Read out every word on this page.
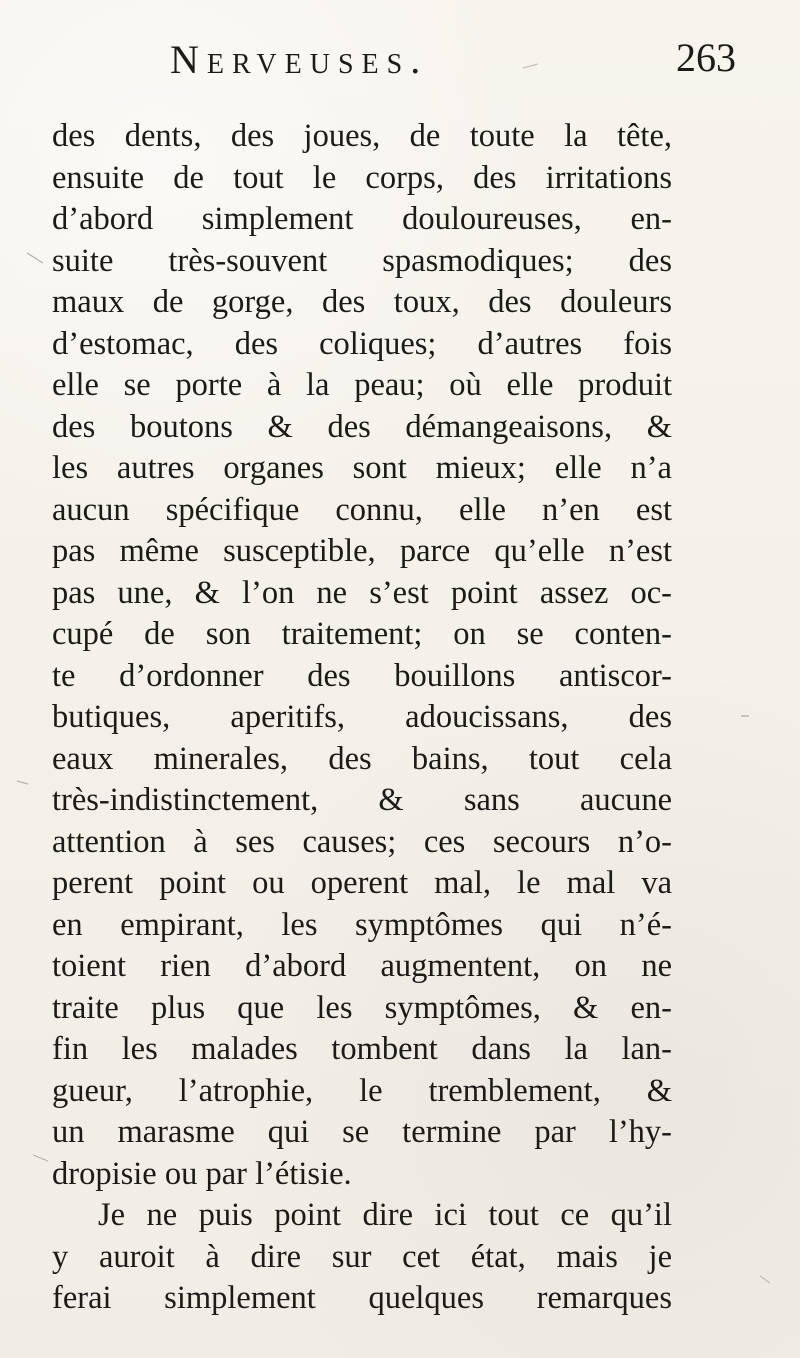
Nerveuses.	263
des dents, des joues, de toute la tête,
ensuite de tout le corps, des irritations
d’abord simplement douloureuses, en-
suite très-souvent spasmodiques; des
maux de gorge, des toux, des douleurs
d’estomac, des coliques; d’autres fois
elle se porte à la peau; où elle produit
des boutons & des démangeaisons, &
les autres organes sont mieux; elle n’a
aucun spécifique connu, elle n’en est
pas même susceptible, parce qu’elle n’est
pas une, & l’on ne s’est point assez oc-
cupé de son traitement; on se conten-
te d’ordonner des bouillons antiscor-
butiques, aperitifs, adoucissans, des
eaux minerales, des bains, tout cela
très-indistinctement, & sans aucune
attention à ses causes; ces secours n’o-
perent point ou operent mal, le mal va
en empirant, les symptômes qui n’é-
toient rien d’abord augmentent, on ne
traite plus que les symptômes, & en-
fin les malades tombent dans la lan-
gueur, l’atrophie, le tremblement, &
un marasme qui se termine par l’hy-
dropisie ou par l’étisie.
Je ne puis point dire ici tout ce qu’il
y auroit à dire sur cet état, mais je
ferai simplement quelques remarques
